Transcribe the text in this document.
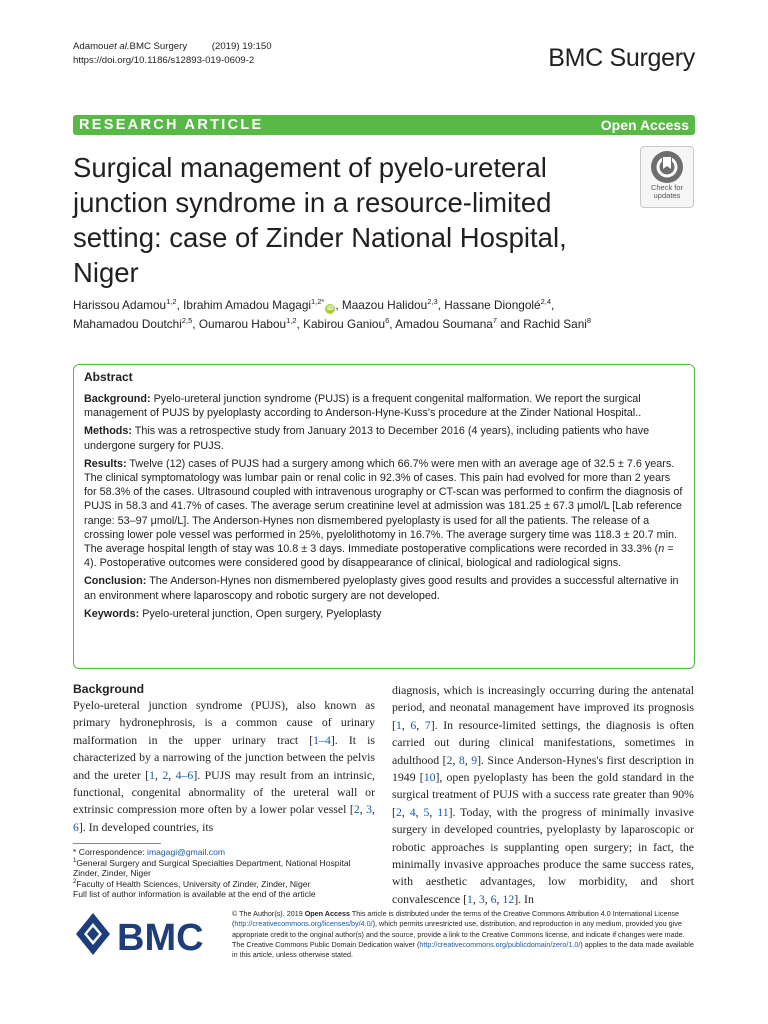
Adamouet al.BMC Surgery	(2019) 19:150
https://doi.org/10.1186/s12893-019-0609-2	BMC Surgery
RESEARCH ARTICLE	Open Access
Surgical management of pyelo-ureteral junction syndrome in a resource-limited setting: case of Zinder National Hospital, Niger
Check for
updates
Harissou Adamou$^{1,2}$, Ibrahim Amadou Magagi$^{1,2*}$iD , Maazou Halidou$^{2,3}$, Hassane Diongolé$^{2,4}$,
Mahamadou Doutchi$^{2,5}$, Oumarou Habou$^{1,2}$, Kabirou Ganiou$^6$, Amadou Soumana$^7$ and Rachid Sani$^8$
Abstract

Background: Pyelo-ureteral junction syndrome (PUJS) is a frequent congenital malformation. We report the surgical management of PUJS by pyeloplasty according to Anderson-Hyne-Kuss's procedure at the Zinder National Hospital..

Methods: This was a retrospective study from January 2013 to December 2016 (4 years), including patients who have undergone surgery for PUJS.

Results: Twelve (12) cases of PUJS had a surgery among which 66.7% were men with an average age of 32.5 ± 7.6 years. The clinical symptomatology was lumbar pain or renal colic in 92.3% of cases. This pain had evolved for more than 2 years for 58.3% of the cases. Ultrasound coupled with intravenous urography or CT-scan was performed to confirm the diagnosis of PUJS in 58.3 and 41.7% of cases. The average serum creatinine level at admission was 181.25 ± 67.3 μmol/L [Lab reference range: 53–97 μmol/L]. The Anderson-Hynes non dismembered pyeloplasty is used for all the patients. The release of a crossing lower pole vessel was performed in 25%, pyelolithotomy in 16.7%. The average surgery time was 118.3 ± 20.7 min. The average hospital length of stay was 10.8 ± 3 days. Immediate postoperative complications were recorded in 33.3% (n = 4). Postoperative outcomes were considered good by disappearance of clinical, biological and radiological signs.

Conclusion: The Anderson-Hynes non dismembered pyeloplasty gives good results and provides a successful alternative in an environment where laparoscopy and robotic surgery are not developed.

Keywords: Pyelo-ureteral junction, Open surgery, Pyeloplasty

Background

Pyelo-ureteral junction syndrome (PUJS), also known as primary hydronephrosis, is a common cause of urinary malformation in the upper urinary tract [1–4]. It is characterized by a narrowing of the junction between the pelvis and the ureter [1, 2, 4–6]. PUJS may result from an intrinsic, functional, congenital abnormality of the ureteral wall or extrinsic compression more often by a lower polar vessel [2, 3, 6]. In developed countries, its

diagnosis, which is increasingly occurring during the antenatal period, and neonatal management have improved its prognosis [1, 6, 7]. In resource-limited settings, the diagnosis is often carried out during clinical manifestations, sometimes in adulthood [2, 8, 9]. Since Anderson-Hynes's first description in 1949 [10], open pyeloplasty has been the gold standard in the surgical treatment of PUJS with a success rate greater than 90% [2, 4, 5, 11]. Today, with the progress of minimally invasive surgery in developed countries, pyeloplasty by laparoscopic or robotic approaches is supplanting open surgery; in fact, the minimally invasive approaches produce the same success rates, with aesthetic advantages, low morbidity, and short convalescence [1, 3, 6, 12]. In

* Correspondence: imagagi@gmail.com
$^1$General Surgery and Surgical Specialties Department, National Hospital Zinder, Zinder, Niger
$^2$Faculty of Health Sciences, University of Zinder, Zinder, Niger
Full list of author information is available at the end of the article
BMC
© The Author(s). 2019 Open Access This article is distributed under the terms of the Creative Commons Attribution 4.0 International License (http://creativecommons.org/licenses/by/4.0/), which permits unrestricted use, distribution, and reproduction in any medium, provided you give appropriate credit to the original author(s) and the source, provide a link to the Creative Commons license, and indicate if changes were made. The Creative Commons Public Domain Dedication waiver (http://creativecommons.org/publicdomain/zero/1.0/) applies to the data made available in this article, unless otherwise stated.
